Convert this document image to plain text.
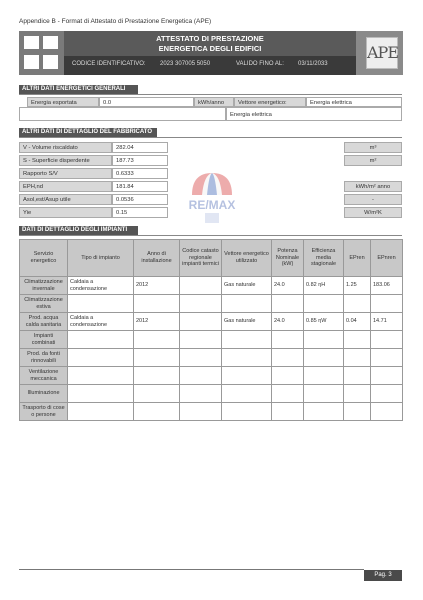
Appendice B - Format di Attestato di Prestazione Energetica (APE)
ATTESTATO DI PRESTAZIONE
ENERGETICA DEGLI EDIFICI
CODICE IDENTIFICATIVO: 2023 307005 5050	VALIDO FINO AL: 03/11/2033
APE
ALTRI DATI ENERGETICI GENERALI
Energia esportata	0.0	kWh/anno	Vettore energetico:	Energia elettrica
Energia elettrica
ALTRI DATI DI DETTAGLIO DEL FABBRICATO
V - Volume riscaldato	282.04	m³
S - Superficie disperdente	187.73	m²
Rapporto S/V	0.6333
EPH,nd	181.84	kWh/m² anno
Asol,est/Asup utile	0.0536	-
Yie	0.15	W/m²K
RE/MAX
DATI DI DETTAGLIO DEGLI IMPIANTI
Servizio energetico	Tipo di impianto	Anno di installazione	Codice catasto regionale impianti termici	Vettore energetico utilizzato	Potenza Nominale (kW)	Efficienza media stagionale	EPren	EPnren
Climatizzazione invernale	Caldaia a condensazione	2012		Gas naturale	24.0	0.82 ηH	1.25	183.06
Climatizzazione estiva								
Prod. acqua calda sanitaria	Caldaia a condensazione	2012		Gas naturale	24.0	0.85 ηW	0.04	14.71
Impianti combinati								
Prod. da fonti rinnovabili								
Ventilazione meccanica								
Illuminazione								
Trasporto di cose o persone								
Pag. 3
